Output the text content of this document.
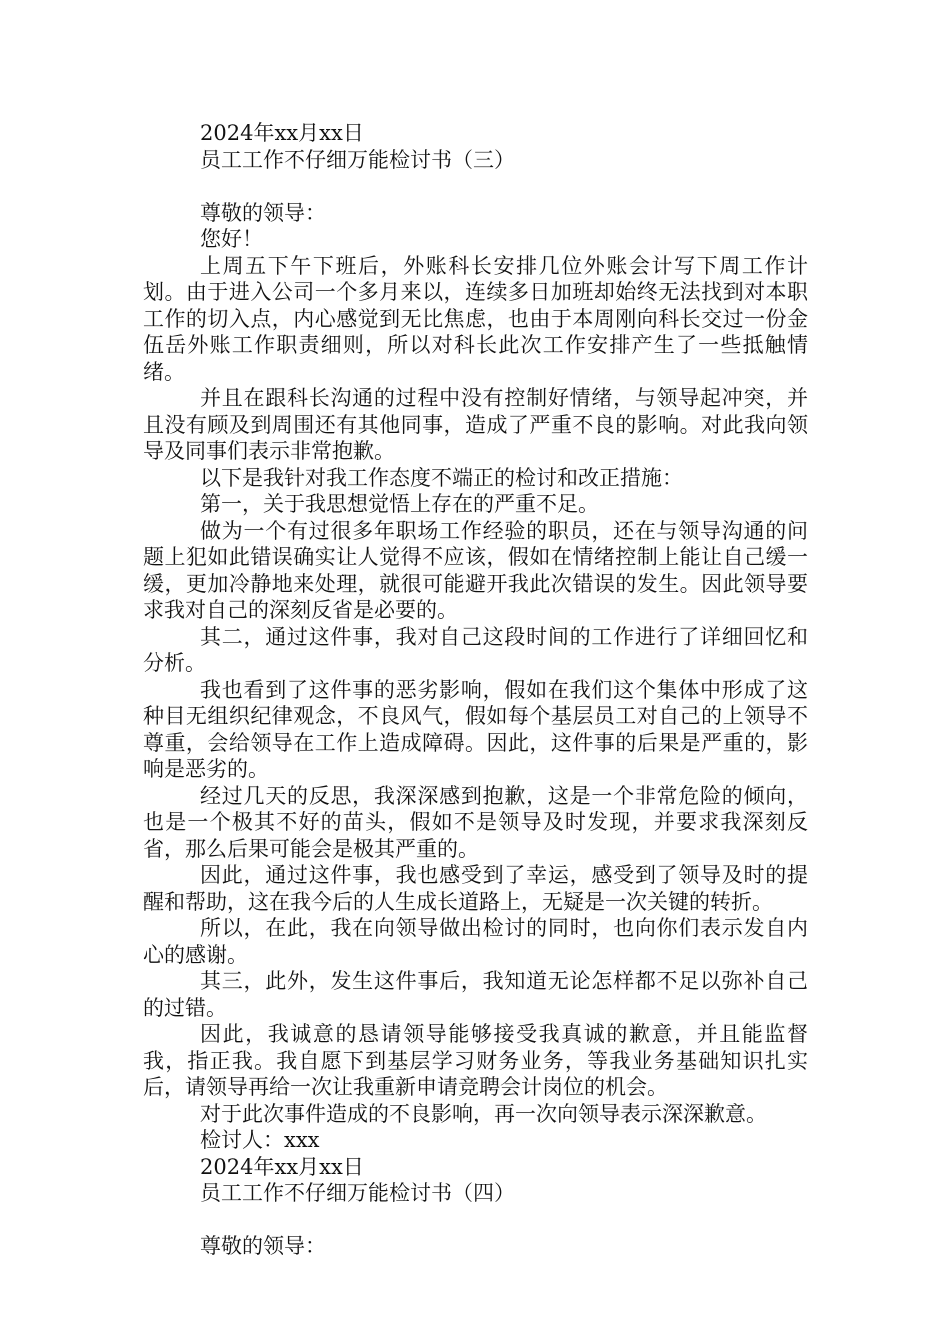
2024年xx月xx日

员工工作不仔细万能检讨书（三）

尊敬的领导：

您好！

上周五下午下班后，外账科长安排几位外账会计写下周工作计划。由于进入公司一个多月来以，连续多日加班却始终无法找到对本职工作的切入点，内心感觉到无比焦虑，也由于本周刚向科长交过一份金伍岳外账工作职责细则，所以对科长此次工作安排产生了一些抵触情绪。

并且在跟科长沟通的过程中没有控制好情绪，与领导起冲突，并且没有顾及到周围还有其他同事，造成了严重不良的影响。对此我向领导及同事们表示非常抱歉。

以下是我针对我工作态度不端正的检讨和改正措施：

第一，关于我思想觉悟上存在的严重不足。

做为一个有过很多年职场工作经验的职员，还在与领导沟通的问题上犯如此错误确实让人觉得不应该，假如在情绪控制上能让自己缓一缓，更加冷静地来处理，就很可能避开我此次错误的发生。因此领导要求我对自己的深刻反省是必要的。

其二，通过这件事，我对自己这段时间的工作进行了详细回忆和分析。

我也看到了这件事的恶劣影响，假如在我们这个集体中形成了这种目无组织纪律观念，不良风气，假如每个基层员工对自己的上领导不尊重，会给领导在工作上造成障碍。因此，这件事的后果是严重的，影响是恶劣的。

经过几天的反思，我深深感到抱歉，这是一个非常危险的倾向，也是一个极其不好的苗头，假如不是领导及时发现，并要求我深刻反省，那么后果可能会是极其严重的。

因此，通过这件事，我也感受到了幸运，感受到了领导及时的提醒和帮助，这在我今后的人生成长道路上，无疑是一次关键的转折。

所以，在此，我在向领导做出检讨的同时，也向你们表示发自内心的感谢。

其三，此外，发生这件事后，我知道无论怎样都不足以弥补自己的过错。

因此，我诚意的恳请领导能够接受我真诚的歉意，并且能监督我，指正我。我自愿下到基层学习财务业务，等我业务基础知识扎实后，请领导再给一次让我重新申请竞聘会计岗位的机会。

对于此次事件造成的不良影响，再一次向领导表示深深歉意。

检讨人：xxx

2024年xx月xx日

员工工作不仔细万能检讨书（四）

尊敬的领导：
